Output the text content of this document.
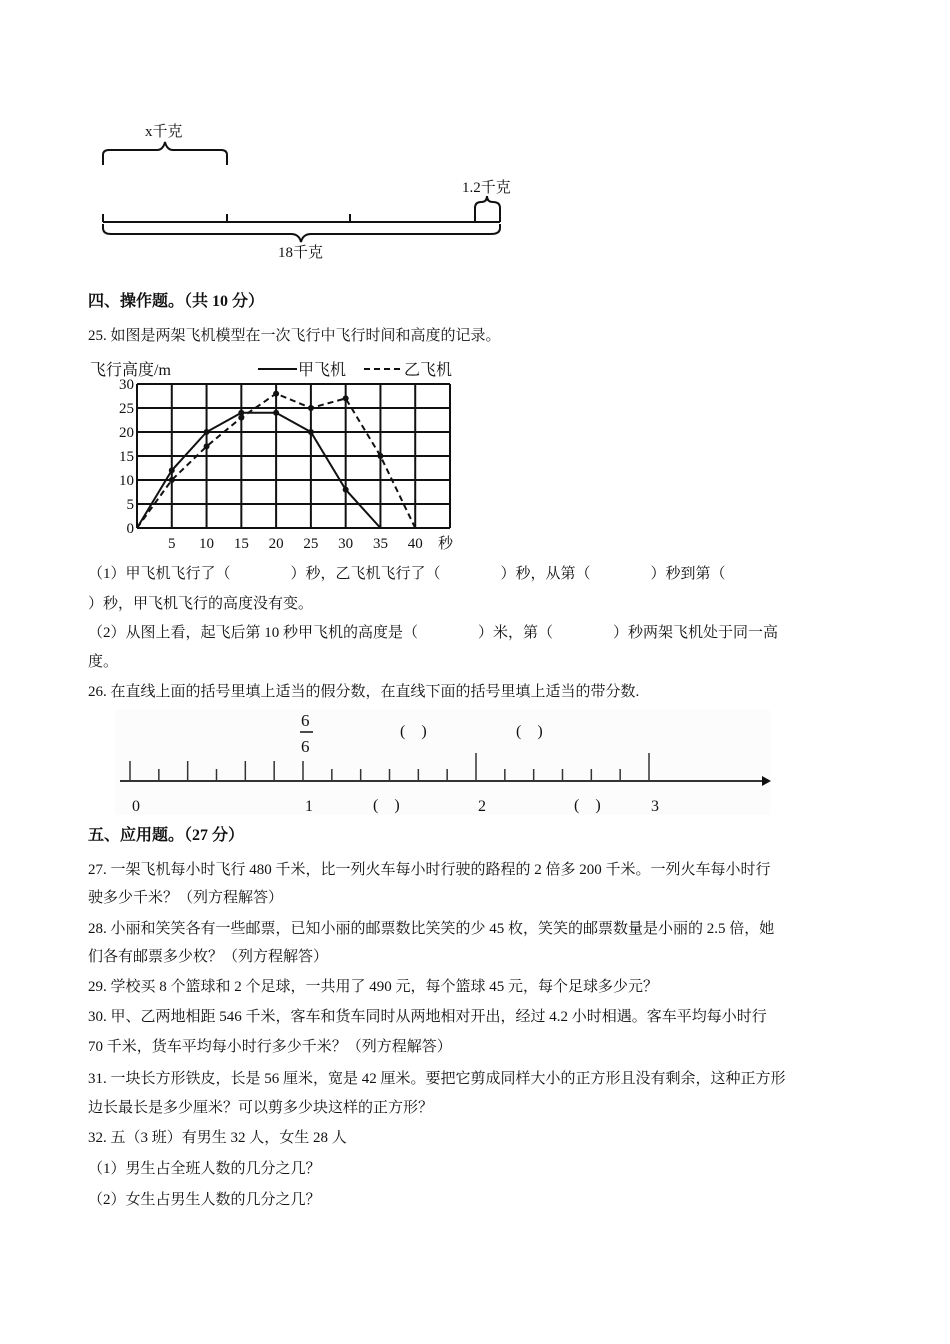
x千克
1.2千克
18千克
飞行高度/m
秒
甲飞机	乙飞机
5 10 15 20 25 30 35 40
0
5
10
15
20
25
30
6
6
(　)	(　)
(　)	(　)
0	1	2	3
四、操作题。（共 10 分）
25. 如图是两架飞机模型在一次飞行中飞行时间和高度的记录。
（1）甲飞机飞行了（　　　　）秒，乙飞机飞行了（　　　　）秒，从第（　　　　）秒到第（
）秒，甲飞机飞行的高度没有变。
（2）从图上看，起飞后第 10 秒甲飞机的高度是（　　　　）米，第（　　　　）秒两架飞机处于同一高
度。
26. 在直线上面的括号里填上适当的假分数，在直线下面的括号里填上适当的带分数.
五、应用题。（27 分）
27. 一架飞机每小时飞行 480 千米，比一列火车每小时行驶的路程的 2 倍多 200 千米。一列火车每小时行
驶多少千米？（列方程解答）
28. 小丽和笑笑各有一些邮票，已知小丽的邮票数比笑笑的少 45 枚，笑笑的邮票数量是小丽的 2.5 倍，她
们各有邮票多少枚？（列方程解答）
29. 学校买 8 个篮球和 2 个足球，一共用了 490 元，每个篮球 45 元，每个足球多少元？
30. 甲、乙两地相距 546 千米，客车和货车同时从两地相对开出，经过 4.2 小时相遇。客车平均每小时行
70 千米，货车平均每小时行多少千米？（列方程解答）
31. 一块长方形铁皮，长是 56 厘米，宽是 42 厘米。要把它剪成同样大小的正方形且没有剩余，这种正方形
边长最长是多少厘米？可以剪多少块这样的正方形？
32. 五（3 班）有男生 32 人，女生 28 人
（1）男生占全班人数的几分之几？
（2）女生占男生人数的几分之几？
